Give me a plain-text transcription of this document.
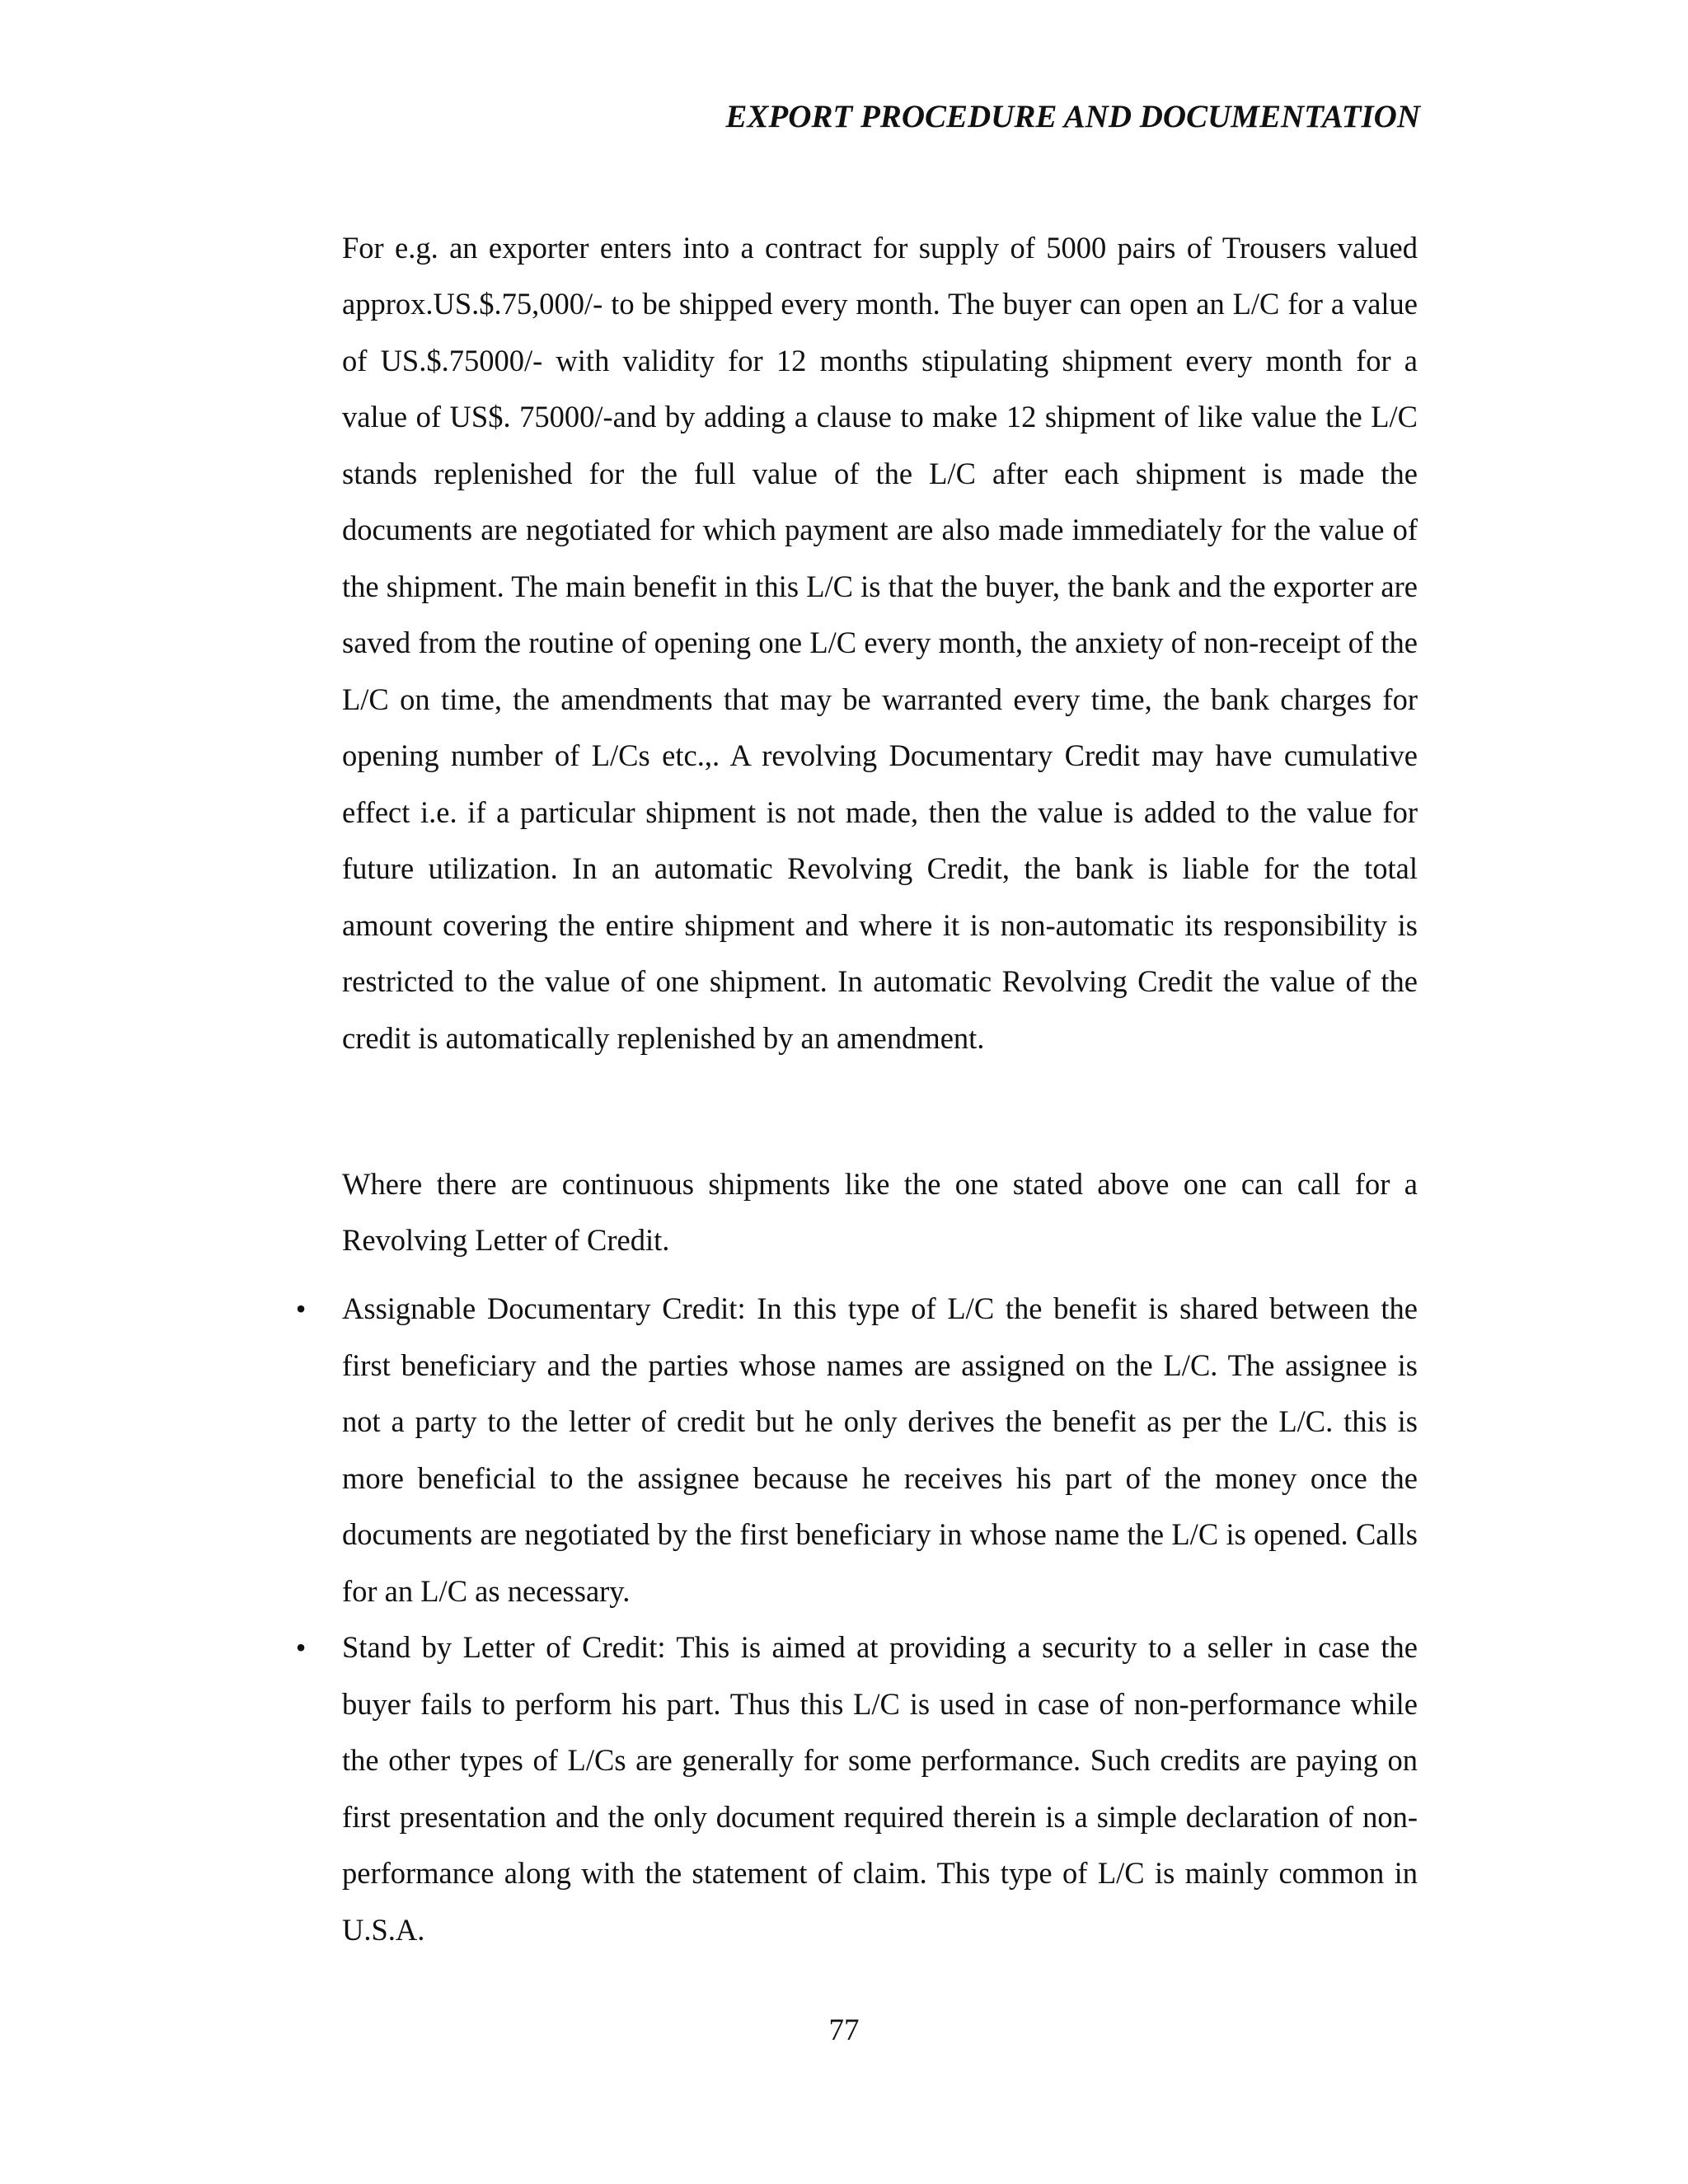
EXPORT PROCEDURE AND DOCUMENTATION

For e.g. an exporter enters into a contract for supply of 5000 pairs of Trousers valued approx.US.$.75,000/- to be shipped every month. The buyer can open an L/C for a value of US.$.75000/- with validity for 12 months stipulating shipment every month for a value of US$. 75000/-and by adding a clause to make 12 shipment of like value the L/C stands replenished for the full value of the L/C after each shipment is made the documents are negotiated for which payment are also made immediately for the value of the shipment. The main benefit in this L/C is that the buyer, the bank and the exporter are saved from the routine of opening one L/C every month, the anxiety of non-receipt of the L/C on time, the amendments that may be warranted every time, the bank charges for opening number of L/Cs etc.,. A revolving Documentary Credit may have cumulative effect i.e. if a particular shipment is not made, then the value is added to the value for future utilization. In an automatic Revolving Credit, the bank is liable for the total amount covering the entire shipment and where it is non-automatic its responsibility is restricted to the value of one shipment. In automatic Revolving Credit the value of the credit is automatically replenished by an amendment.

Where there are continuous shipments like the one stated above one can call for a Revolving Letter of Credit.

• Assignable Documentary Credit: In this type of L/C the benefit is shared between the first beneficiary and the parties whose names are assigned on the L/C. The assignee is not a party to the letter of credit but he only derives the benefit as per the L/C. this is more beneficial to the assignee because he receives his part of the money once the documents are negotiated by the first beneficiary in whose name the L/C is opened. Calls for an L/C as necessary.
• Stand by Letter of Credit: This is aimed at providing a security to a seller in case the buyer fails to perform his part. Thus this L/C is used in case of non-performance while the other types of L/Cs are generally for some performance. Such credits are paying on first presentation and the only document required therein is a simple declaration of non-performance along with the statement of claim. This type of L/C is mainly common in U.S.A.
77
